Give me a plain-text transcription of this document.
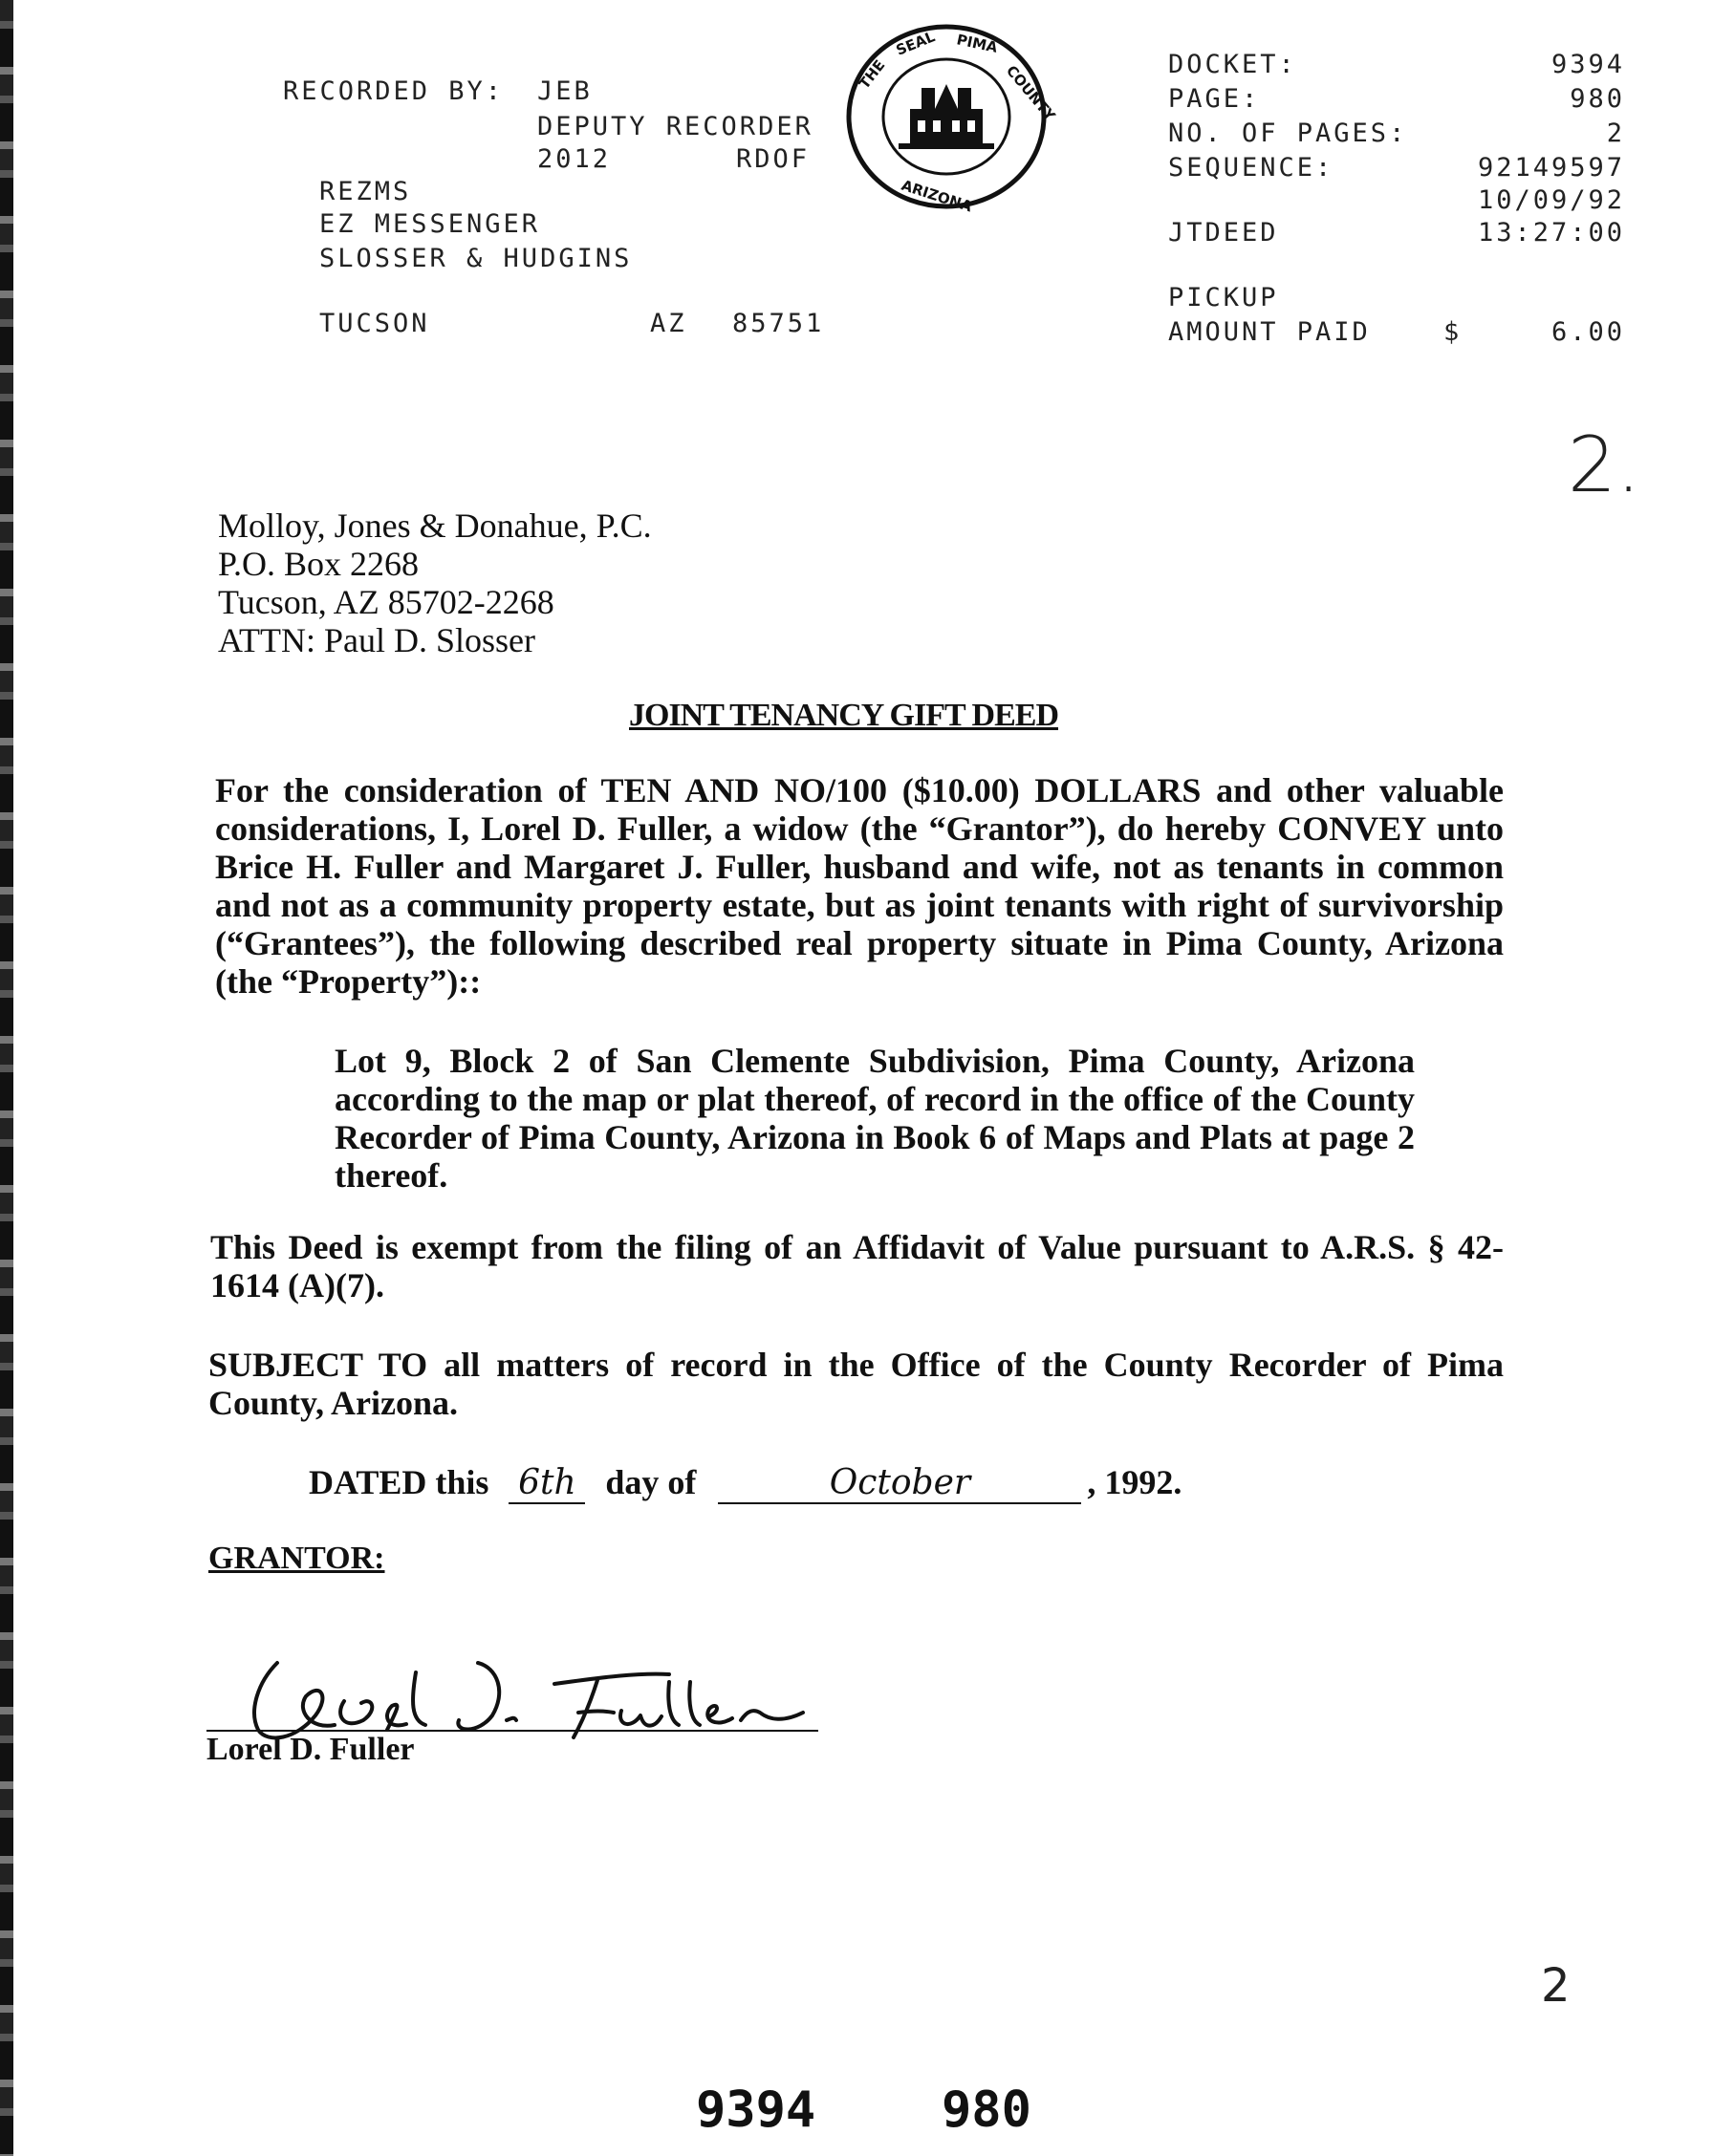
RECORDED BY: JEB
DEPUTY RECORDER
2012	RDOF
REZMS
EZ MESSENGER
SLOSSER & HUDGINS
TUCSON	AZ 85751
THE
SEAL PIMA
COUNTY
ARIZONA
DOCKET:	9394
PAGE:	980
NO. OF PAGES:	2
SEQUENCE:	92149597
10/09/92
JTDEED	13:27:00
PICKUP
AMOUNT PAID	$	6.00
2.
Molloy, Jones & Donahue, P.C.
P.O. Box 2268
Tucson, AZ 85702-2268
ATTN: Paul D. Slosser
JOINT TENANCY GIFT DEED
For the consideration of TEN AND NO/100 ($10.00) DOLLARS and other valuable considerations, I, Lorel D. Fuller, a widow (the “Grantor”), do hereby CONVEY unto Brice H. Fuller and Margaret J. Fuller, husband and wife, not as tenants in common and not as a community property estate, but as joint tenants with right of survivorship (“Grantees”), the following described real property situate in Pima County, Arizona (the “Property”)::
Lot 9, Block 2 of San Clemente Subdivision, Pima County, Arizona according to the map or plat thereof, of record in the office of the County Recorder of Pima County, Arizona in Book 6 of Maps and Plats at page 2 thereof.
This Deed is exempt from the filing of an Affidavit of Value pursuant to A.R.S. § 42-1614 (A)(7).
SUBJECT TO all matters of record in the Office of the County Recorder of Pima County, Arizona.
DATED this 6th day of	October	, 1992.
GRANTOR:
Lorel D. Fuller
Lorel D. Fuller
2
9394	980
